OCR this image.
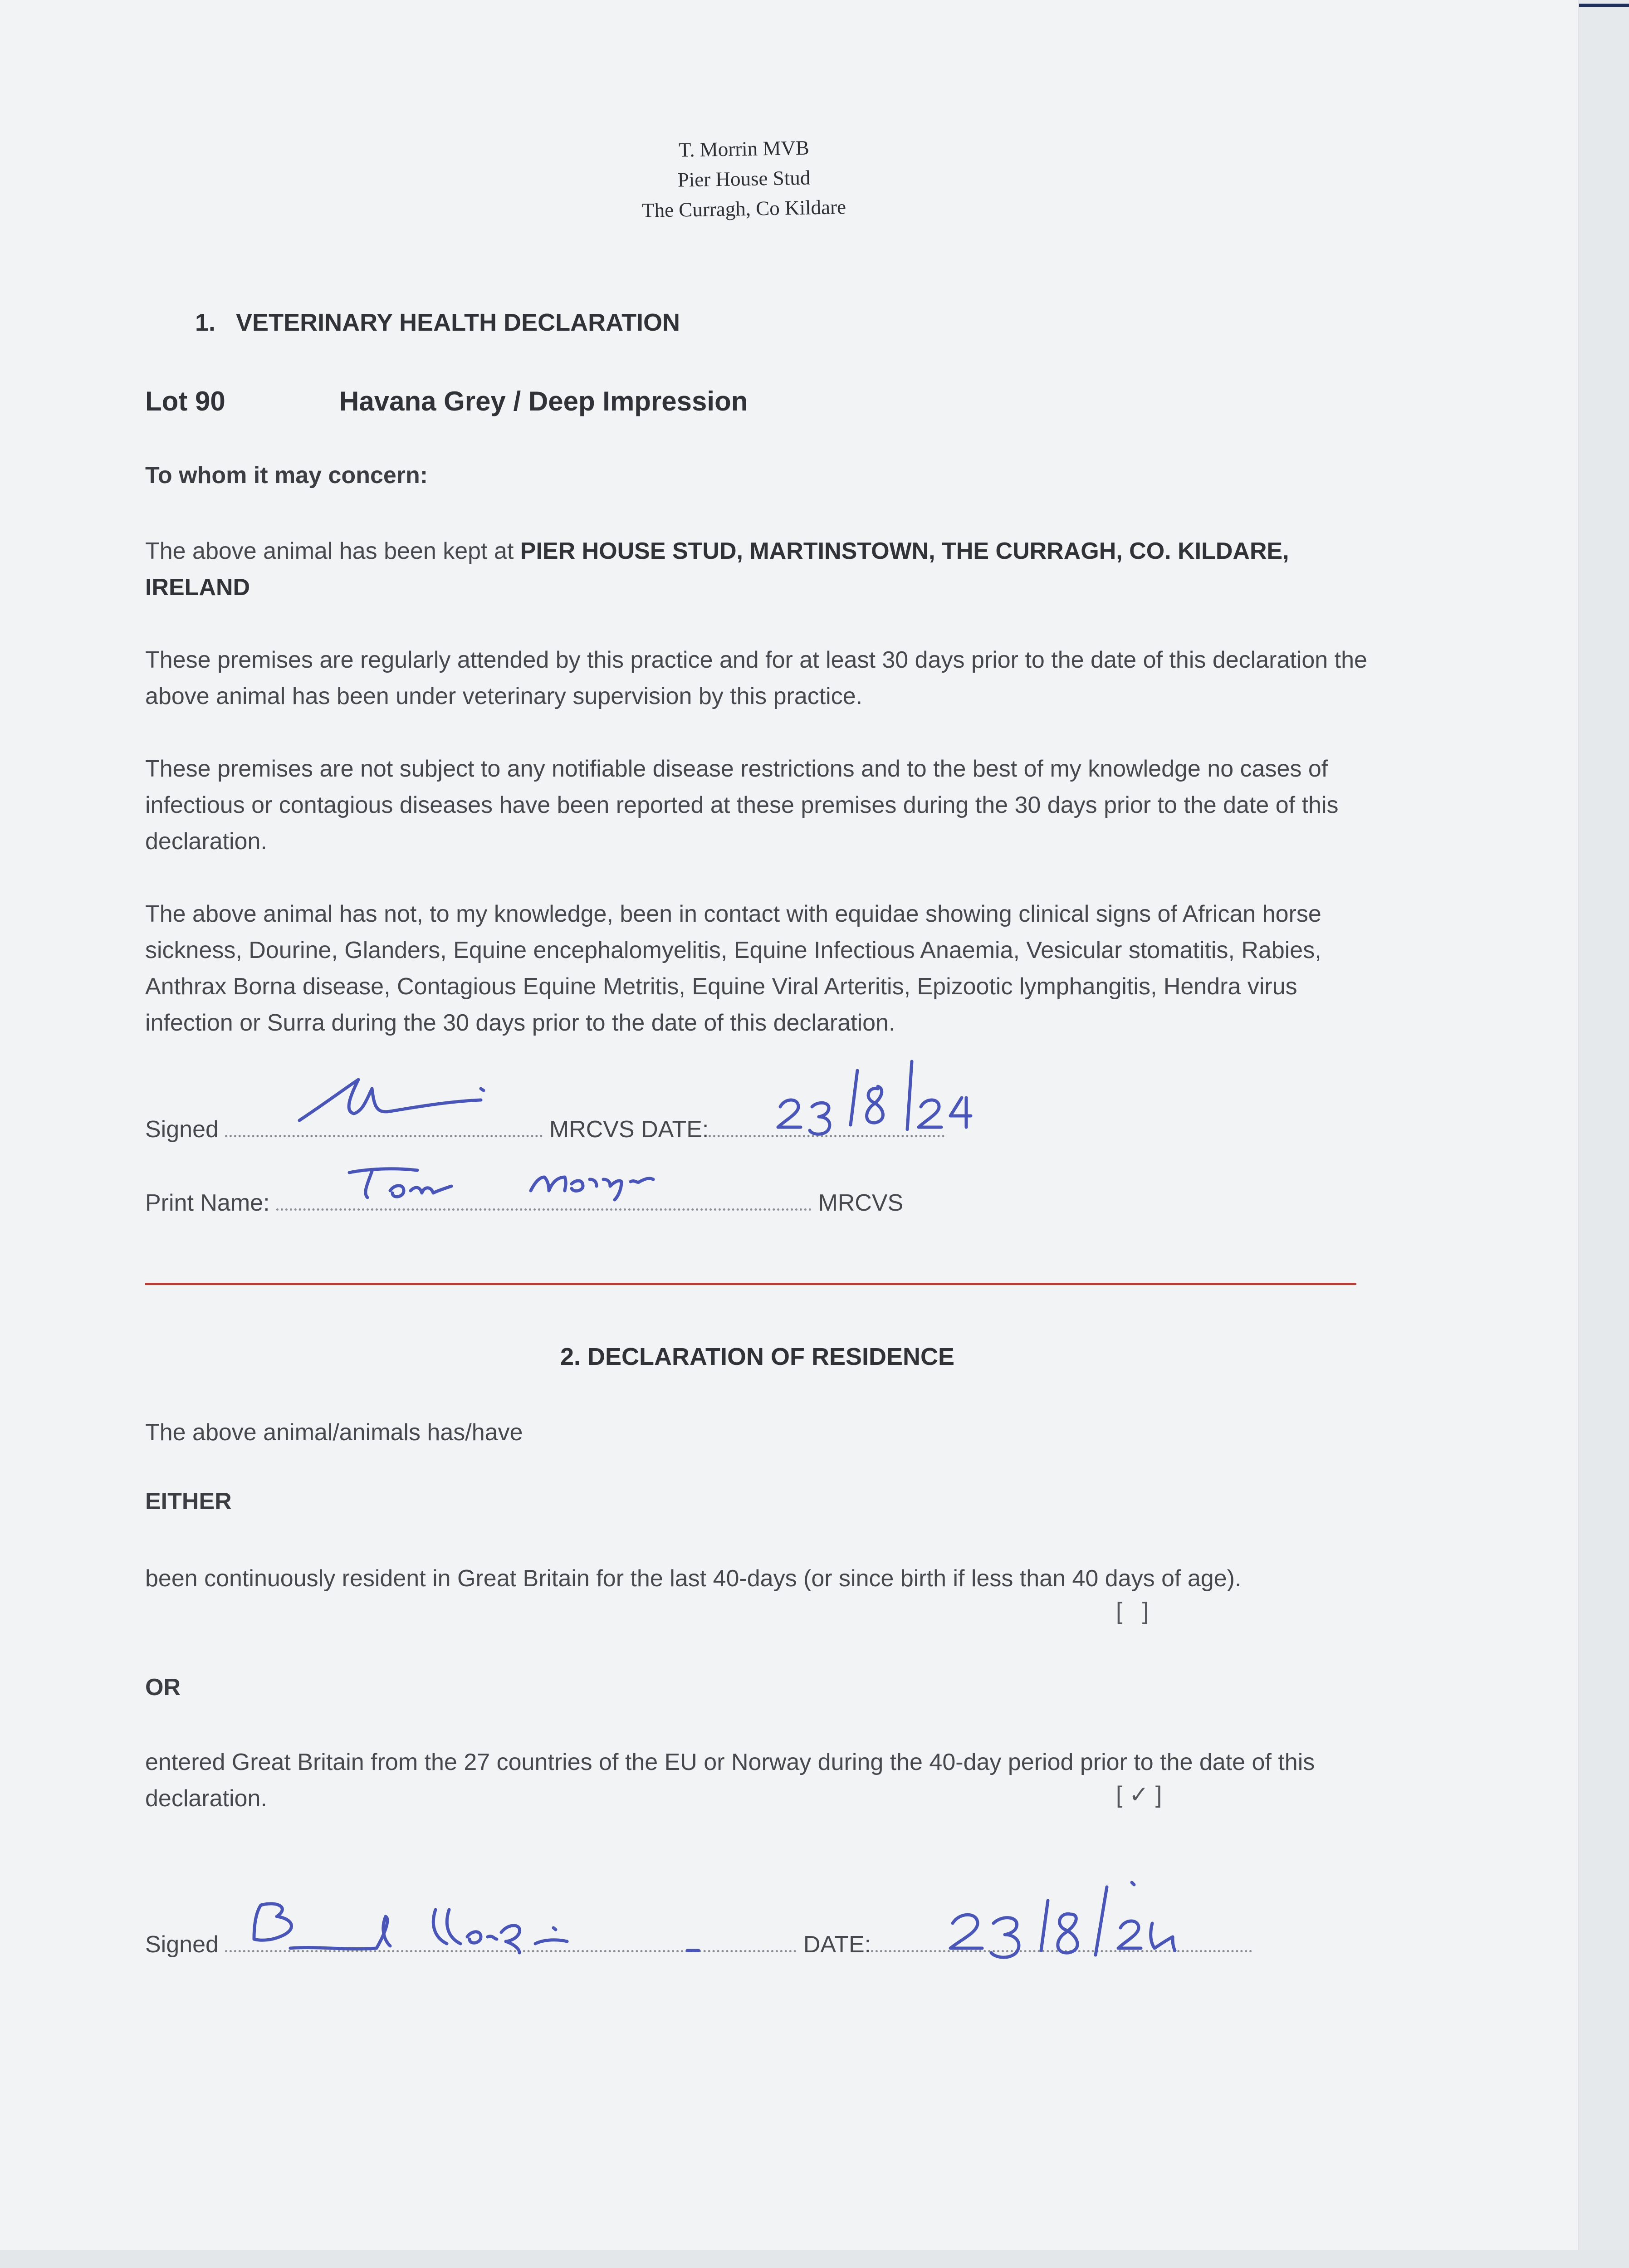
T. Morrin MVB
Pier House Stud
The Curragh, Co Kildare
1.   VETERINARY HEALTH DECLARATION
Lot 90	Havana Grey / Deep Impression
To whom it may concern:
The above animal has been kept at PIER HOUSE STUD, MARTINSTOWN, THE CURRAGH, CO. KILDARE, IRELAND
These premises are regularly attended by this practice and for at least 30 days prior to the date of this declaration the above animal has been under veterinary supervision by this practice.
These premises are not subject to any notifiable disease restrictions and to the best of my knowledge no cases of infectious or contagious diseases have been reported at these premises during the 30 days prior to the date of this declaration.
The above animal has not, to my knowledge, been in contact with equidae showing clinical signs of African horse sickness, Dourine, Glanders, Equine encephalomyelitis, Equine Infectious Anaemia, Vesicular stomatitis, Rabies, Anthrax Borna disease, Contagious Equine Metritis, Equine Viral Arteritis, Epizootic lymphangitis, Hendra virus infection or Surra during the 30 days prior to the date of this declaration.
Signed	MRCVS DATE:
Print Name:	MRCVS
2. DECLARATION OF RESIDENCE
The above animal/animals has/have
EITHER
been continuously resident in Great Britain for the last 40-days (or since birth if less than 40 days of age).
[   ]
OR
entered Great Britain from the 27 countries of the EU or Norway during the 40-day period prior to the date of this declaration.	[ ✓ ]
Signed	DATE:
